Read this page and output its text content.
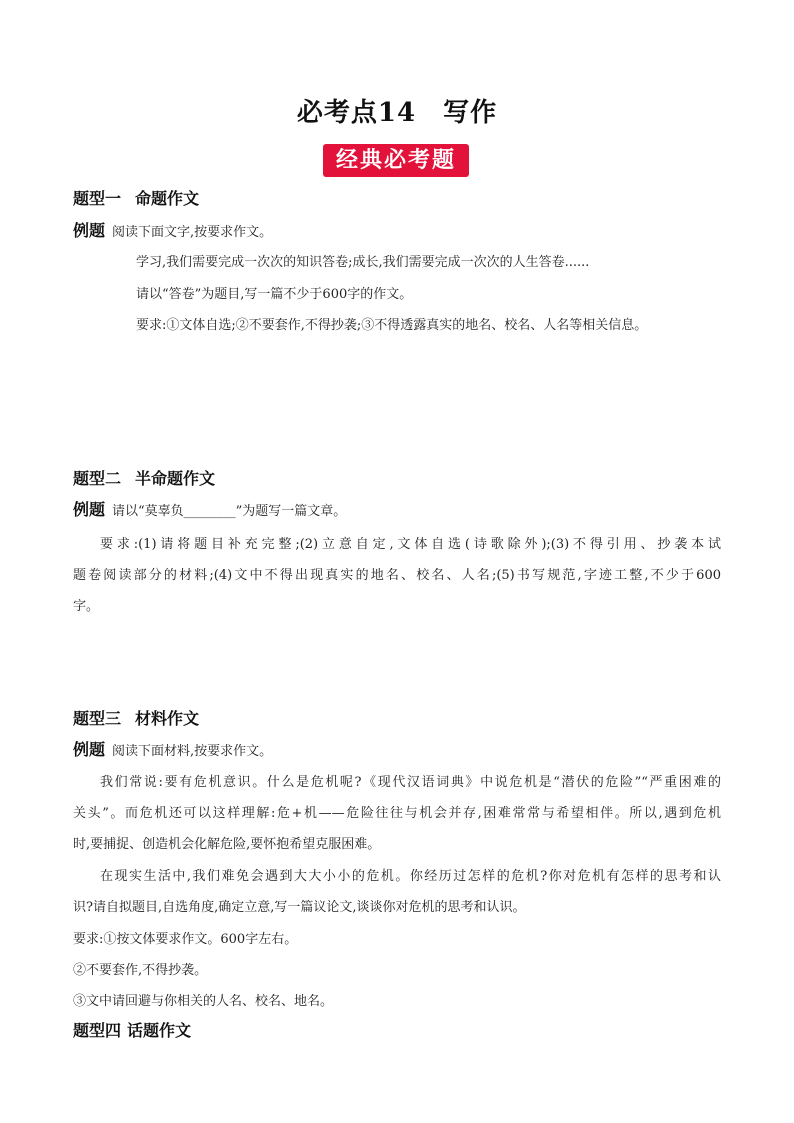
必考点14　写作
经典必考题
题型一 命题作文
例题 阅读下面文字,按要求作文。
学习,我们需要完成一次次的知识答卷;成长,我们需要完成一次次的人生答卷......
请以“答卷”为题目,写一篇不少于600字的作文。
要求:①文体自选;②不要套作,不得抄袭;③不得透露真实的地名、校名、人名等相关信息。
题型二 半命题作文
例题 请以“莫辜负________”为题写一篇文章。
要求:(1)请将题目补充完整;(2)立意自定,文体自选(诗歌除外);(3)不得引用、抄袭本试
题卷阅读部分的材料;(4)文中不得出现真实的地名、校名、人名;(5)书写规范,字迹工整,不少于600
字。
题型三 材料作文
例题 阅读下面材料,按要求作文。
我们常说:要有危机意识。什么是危机呢?《现代汉语词典》中说危机是“潜伏的危险”“严重困难的
关头”。而危机还可以这样理解:危+机——危险往往与机会并存,困难常常与希望相伴。所以,遇到危机
时,要捕捉、创造机会化解危险,要怀抱希望克服困难。
在现实生活中,我们难免会遇到大大小小的危机。你经历过怎样的危机?你对危机有怎样的思考和认
识?请自拟题目,自选角度,确定立意,写一篇议论文,谈谈你对危机的思考和认识。
要求:①按文体要求作文。600字左右。
②不要套作,不得抄袭。
③文中请回避与你相关的人名、校名、地名。
题型四 话题作文
